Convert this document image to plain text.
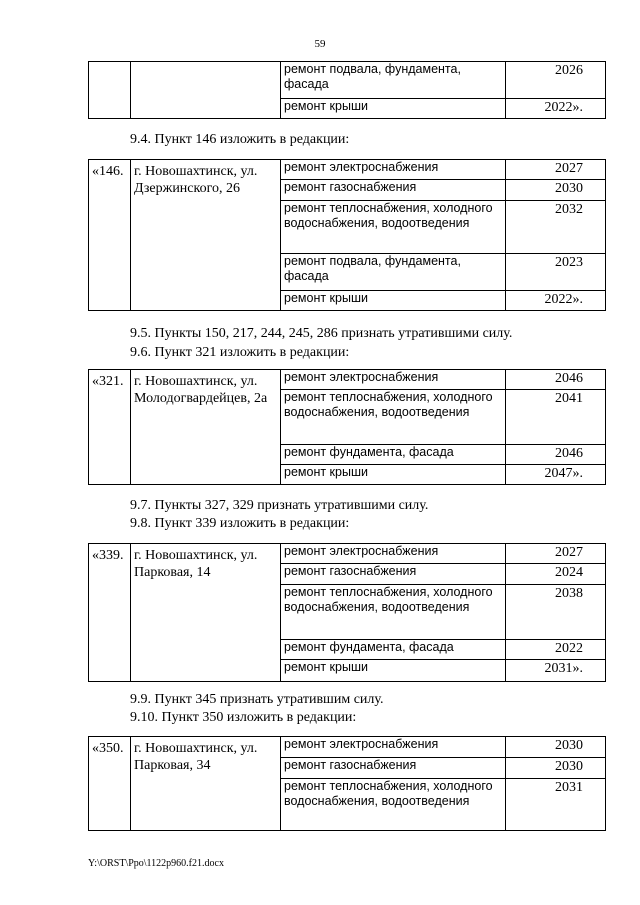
59
		ремонт подвала, фундамента, фасада	2026
		ремонт крыши	2022».
9.4. Пункт 146 изложить в редакции:
«146.	г. Новошахтинск, ул. Дзержинского, 26	ремонт электроснабжения	2027
		ремонт газоснабжения	2030
		ремонт теплоснабжения, холодного водоснабжения, водоотведения	2032
		ремонт подвала, фундамента, фасада	2023
		ремонт крыши	2022».
9.5. Пункты 150, 217, 244, 245, 286 признать утратившими силу.
9.6. Пункт 321 изложить в редакции:
«321.	г. Новошахтинск, ул. Молодогвардейцев, 2а	ремонт электроснабжения	2046
		ремонт теплоснабжения, холодного водоснабжения, водоотведения	2041
		ремонт фундамента, фасада	2046
		ремонт крыши	2047».
9.7. Пункты 327, 329 признать утратившими силу.
9.8. Пункт 339 изложить в редакции:
«339.	г. Новошахтинск, ул. Парковая, 14	ремонт электроснабжения	2027
		ремонт газоснабжения	2024
		ремонт теплоснабжения, холодного водоснабжения, водоотведения	2038
		ремонт фундамента, фасада	2022
		ремонт крыши	2031».
9.9. Пункт 345 признать утратившим силу.
9.10. Пункт 350 изложить в редакции:
«350.	г. Новошахтинск, ул. Парковая, 34	ремонт электроснабжения	2030
		ремонт газоснабжения	2030
		ремонт теплоснабжения, холодного водоснабжения, водоотведения	2031
Y:\ORST\Ppo\1122p960.f21.docx
